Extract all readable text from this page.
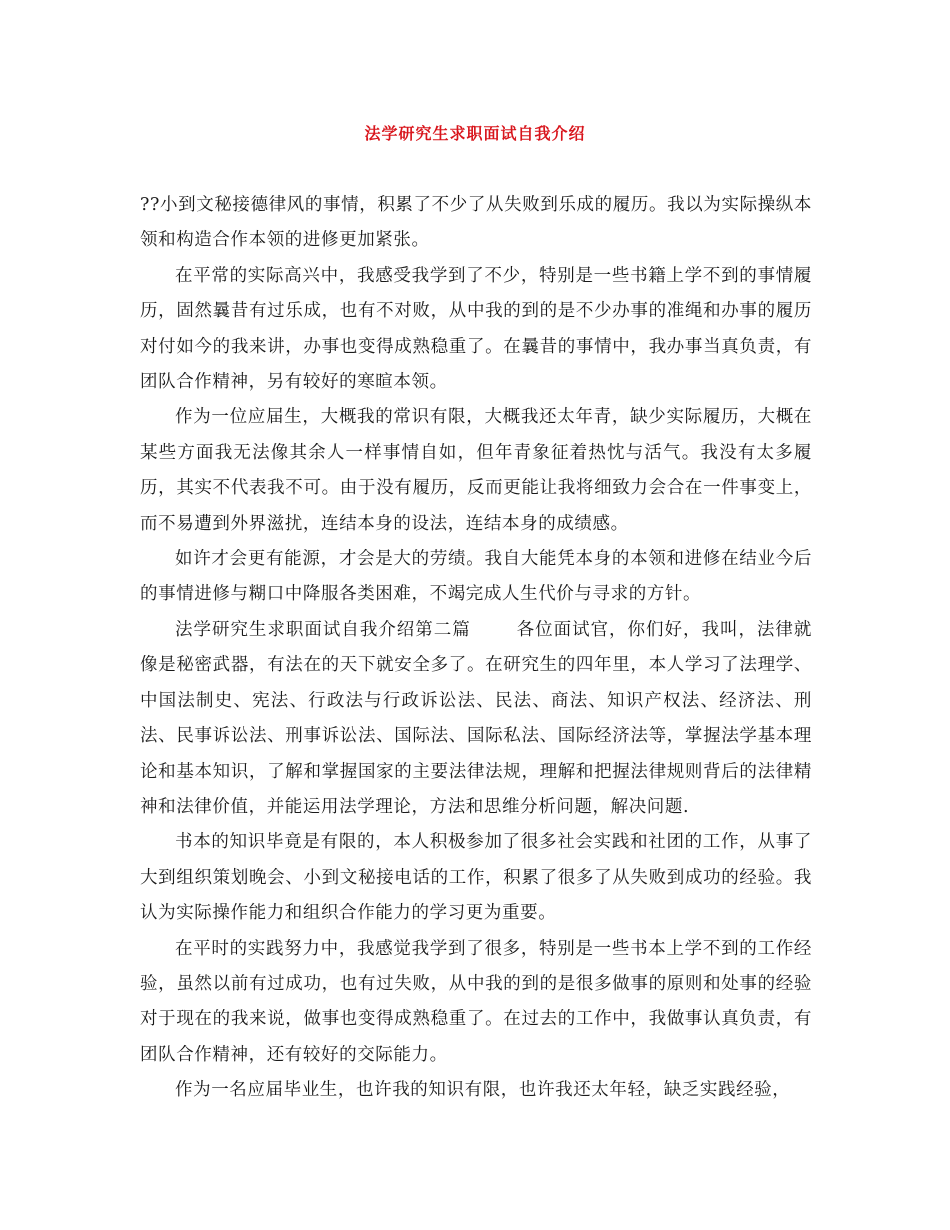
法学研究生求职面试自我介绍

??小到文秘接德律风的事情，积累了不少了从失败到乐成的履历。我以为实际操纵本领和构造合作本领的进修更加紧张。

在平常的实际高兴中，我感受我学到了不少，特别是一些书籍上学不到的事情履历，固然曩昔有过乐成，也有不对败，从中我的到的是不少办事的准绳和办事的履历对付如今的我来讲，办事也变得成熟稳重了。在曩昔的事情中，我办事当真负责，有团队合作精神，另有较好的寒暄本领。

作为一位应届生，大概我的常识有限，大概我还太年青，缺少实际履历，大概在某些方面我无法像其余人一样事情自如，但年青象征着热忱与活气。我没有太多履历，其实不代表我不可。由于没有履历，反而更能让我将细致力会合在一件事变上，而不易遭到外界滋扰，连结本身的设法，连结本身的成绩感。

如许才会更有能源，才会是大的劳绩。我自大能凭本身的本领和进修在结业今后的事情进修与糊口中降服各类困难，不竭完成人生代价与寻求的方针。

法学研究生求职面试自我介绍第二篇	各位面试官，你们好，我叫，法律就像是秘密武器，有法在的天下就安全多了。在研究生的四年里，本人学习了法理学、中国法制史、宪法、行政法与行政诉讼法、民法、商法、知识产权法、经济法、刑法、民事诉讼法、刑事诉讼法、国际法、国际私法、国际经济法等，掌握法学基本理论和基本知识，了解和掌握国家的主要法律法规，理解和把握法律规则背后的法律精神和法律价值，并能运用法学理论，方法和思维分析问题，解决问题.

书本的知识毕竟是有限的，本人积极参加了很多社会实践和社团的工作，从事了大到组织策划晚会、小到文秘接电话的工作，积累了很多了从失败到成功的经验。我认为实际操作能力和组织合作能力的学习更为重要。

在平时的实践努力中，我感觉我学到了很多，特别是一些书本上学不到的工作经验，虽然以前有过成功，也有过失败，从中我的到的是很多做事的原则和处事的经验对于现在的我来说，做事也变得成熟稳重了。在过去的工作中，我做事认真负责，有团队合作精神，还有较好的交际能力。

作为一名应届毕业生，也许我的知识有限，也许我还太年轻，缺乏实践经验，
